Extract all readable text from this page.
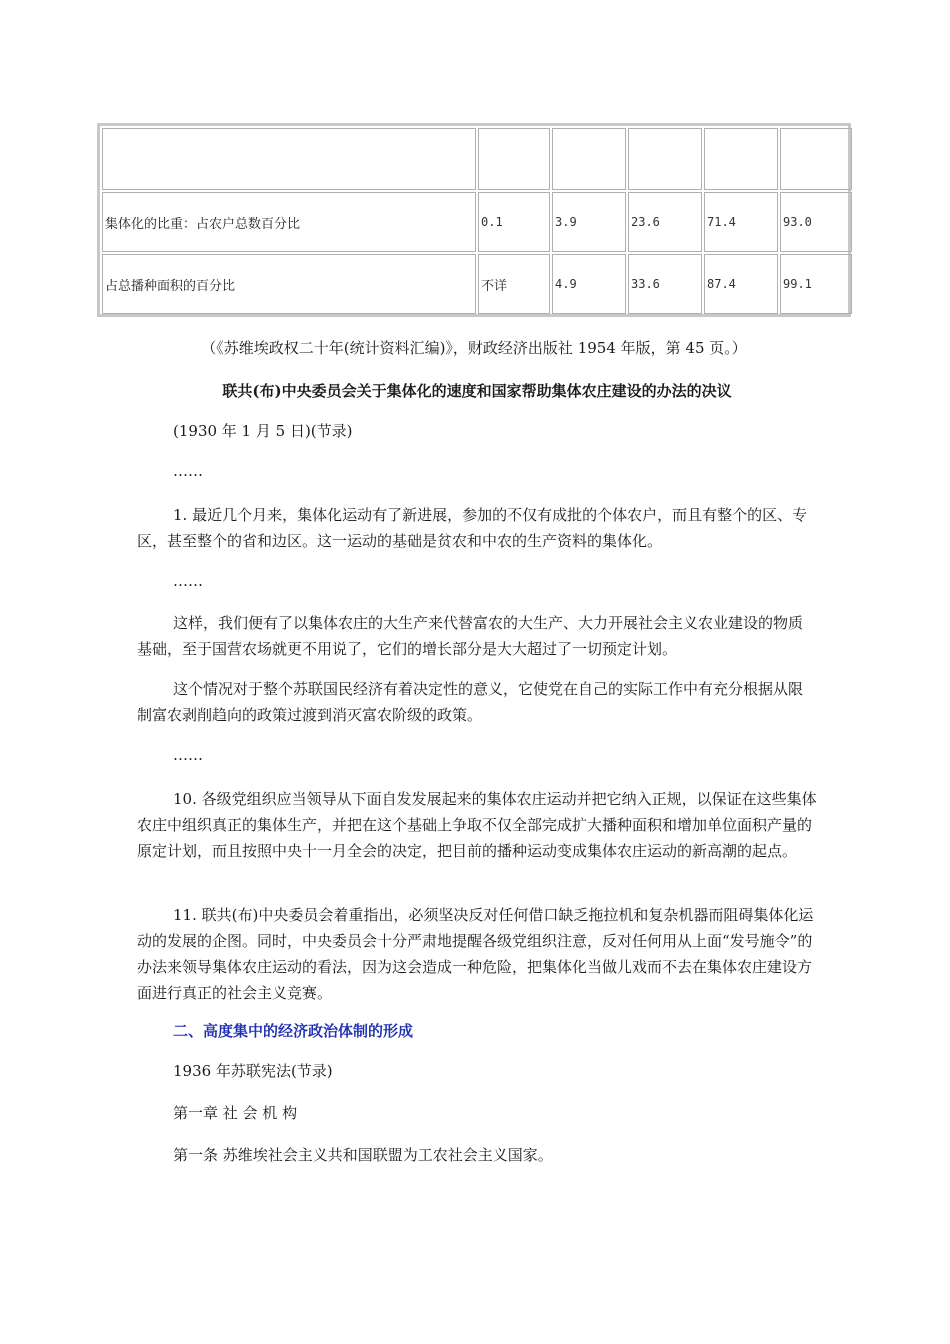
集体化的比重：占农户总数百分比	0.1	3.9	23.6	71.4	93.0
占总播种面积的百分比	不详	4.9	33.6	87.4	99.1

（《苏维埃政权二十年(统计资料汇编)》，财政经济出版社 1954 年版，第 45 页。）

联共(布)中央委员会关于集体化的速度和国家帮助集体农庄建设的办法的决议

(1930 年 1 月 5 日)(节录)

……

1. 最近几个月来，集体化运动有了新进展，参加的不仅有成批的个体农户，而且有整个的区、专区，甚至整个的省和边区。这一运动的基础是贫农和中农的生产资料的集体化。

……

这样，我们便有了以集体农庄的大生产来代替富农的大生产、大力开展社会主义农业建设的物质基础，至于国营农场就更不用说了，它们的增长部分是大大超过了一切预定计划。

这个情况对于整个苏联国民经济有着决定性的意义，它使党在自己的实际工作中有充分根据从限制富农剥削趋向的政策过渡到消灭富农阶级的政策。

……

10. 各级党组织应当领导从下面自发发展起来的集体农庄运动并把它纳入正规，以保证在这些集体农庄中组织真正的集体生产，并把在这个基础上争取不仅全部完成扩大播种面积和增加单位面积产量的原定计划，而且按照中央十一月全会的决定，把目前的播种运动变成集体农庄运动的新高潮的起点。

11. 联共(布)中央委员会着重指出，必须坚决反对任何借口缺乏拖拉机和复杂机器而阻碍集体化运动的发展的企图。同时，中央委员会十分严肃地提醒各级党组织注意，反对任何用从上面“发号施令”的办法来领导集体农庄运动的看法，因为这会造成一种危险，把集体化当做儿戏而不去在集体农庄建设方面进行真正的社会主义竞赛。

二、高度集中的经济政治体制的形成

1936 年苏联宪法(节录)

第一章 社 会 机 构

第一条 苏维埃社会主义共和国联盟为工农社会主义国家。
